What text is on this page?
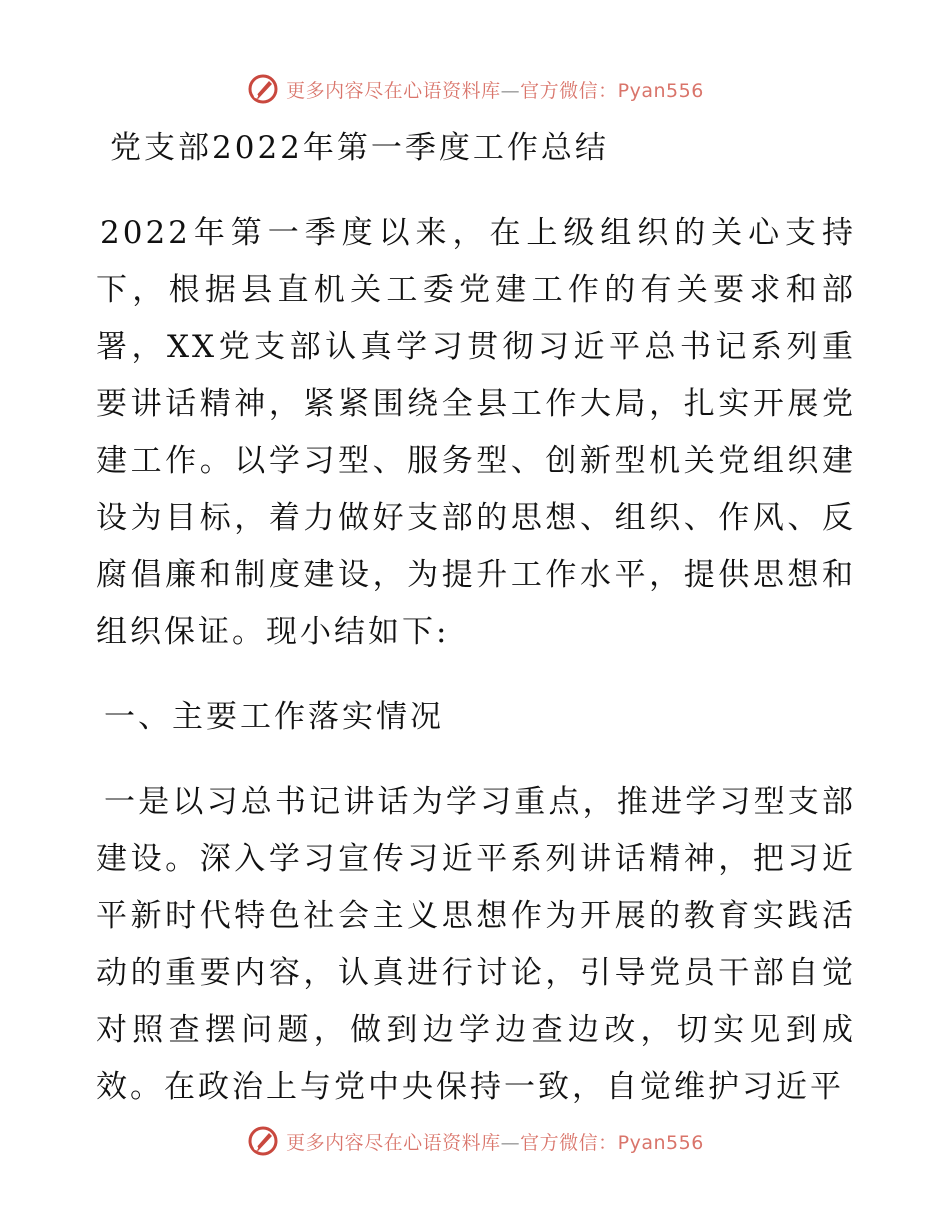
更多内容尽在心语资料库—官方微信：Pyan556

党支部2022年第一季度工作总结

2022年第一季度以来，在上级组织的关心支持下，根据县直机关工委党建工作的有关要求和部署，XX党支部认真学习贯彻习近平总书记系列重要讲话精神，紧紧围绕全县工作大局，扎实开展党建工作。以学习型、服务型、创新型机关党组织建设为目标，着力做好支部的思想、组织、作风、反腐倡廉和制度建设，为提升工作水平，提供思想和组织保证。现小结如下:

一、主要工作落实情况

一是以习总书记讲话为学习重点，推进学习型支部建设。深入学习宣传习近平系列讲话精神，把习近平新时代特色社会主义思想作为开展的教育实践活动的重要内容，认真进行讨论，引导党员干部自觉对照查摆问题，做到边学边查边改，切实见到成效。在政治上与党中央保持一致，自觉维护习近平

更多内容尽在心语资料库—官方微信：Pyan556
